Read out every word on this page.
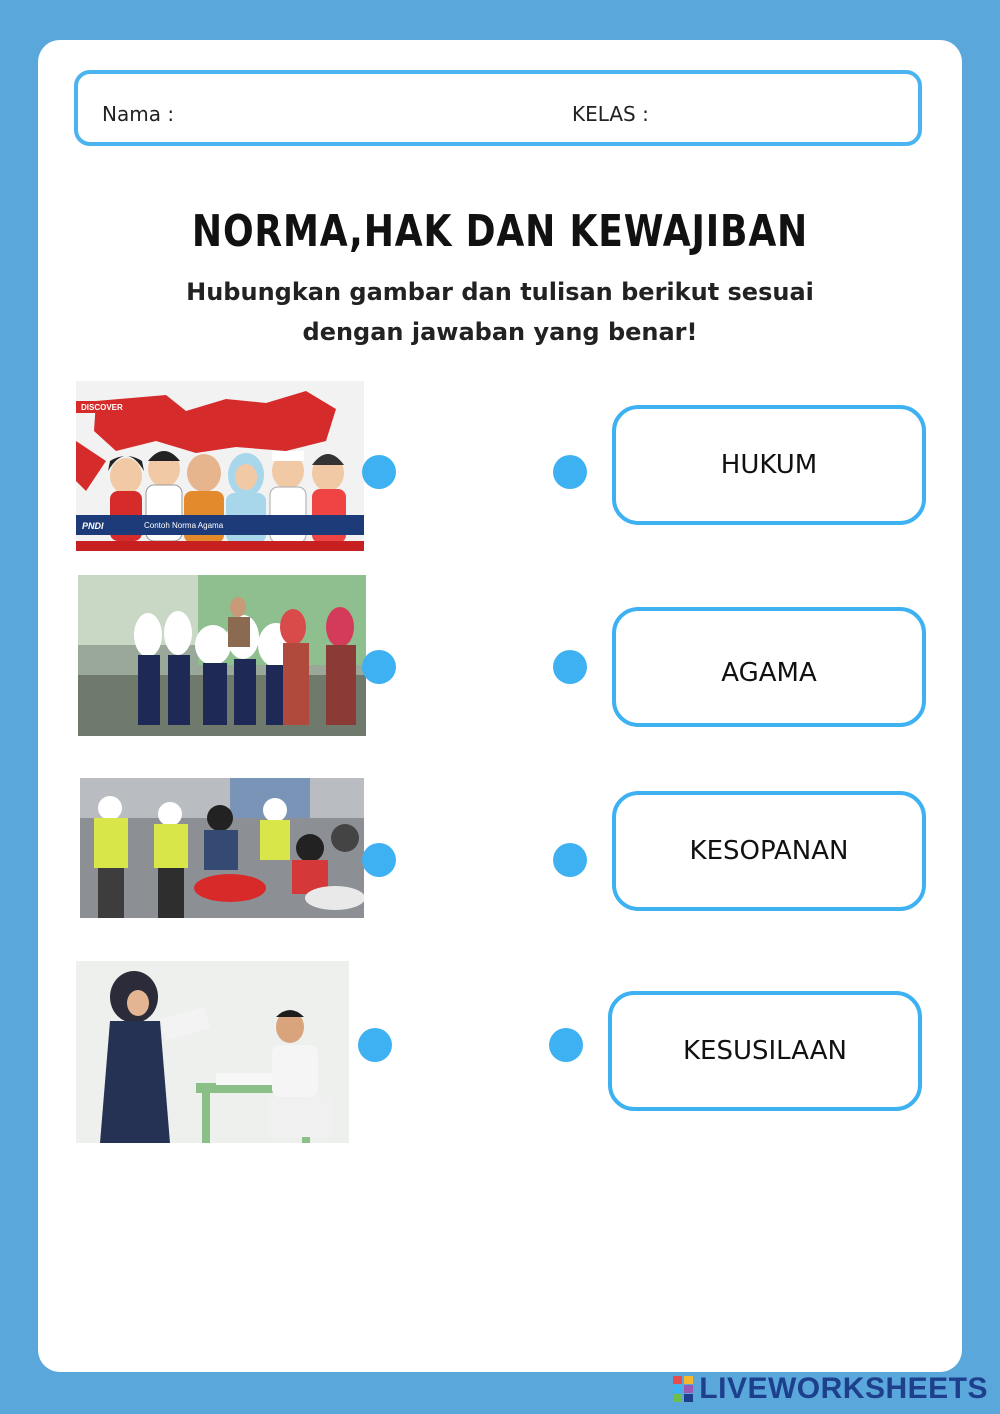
Nama :	KELAS :
NORMA,HAK DAN KEWAJIBAN
Hubungkan gambar dan tulisan berikut sesuai
dengan jawaban yang benar!
DISCOVER
PNDI	Contoh Norma Agama
HUKUM
AGAMA
KESOPANAN
KESUSILAAN
LIVEWORKSHEETS
